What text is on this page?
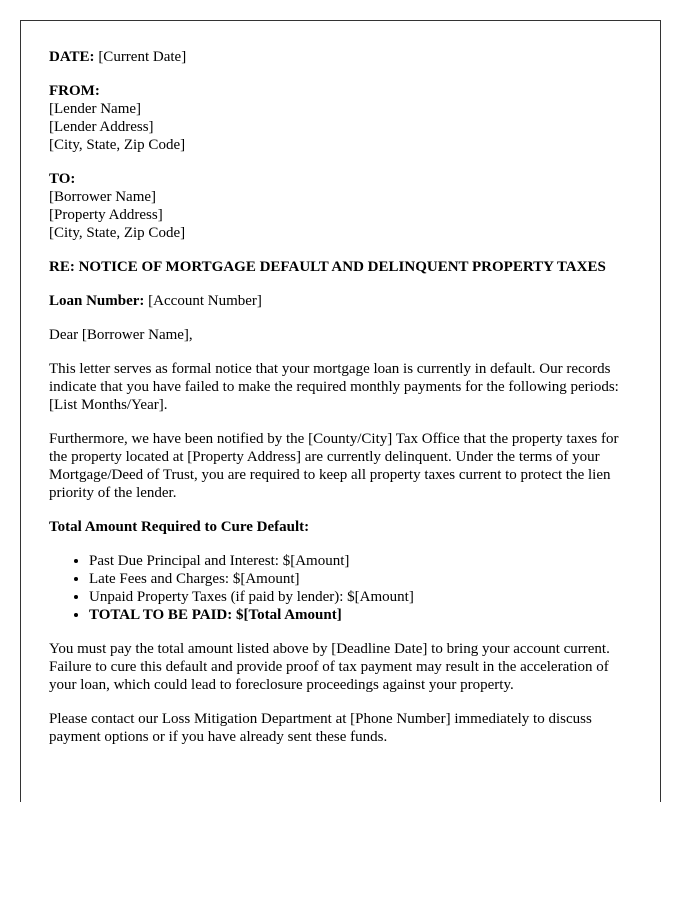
DATE: [Current Date]

FROM:
[Lender Name]
[Lender Address]
[City, State, Zip Code]

TO:
[Borrower Name]
[Property Address]
[City, State, Zip Code]

RE: NOTICE OF MORTGAGE DEFAULT AND DELINQUENT PROPERTY TAXES

Loan Number: [Account Number]

Dear [Borrower Name],

This letter serves as formal notice that your mortgage loan is currently in default. Our records indicate that you have failed to make the required monthly payments for the following periods: [List Months/Year].

Furthermore, we have been notified by the [County/City] Tax Office that the property taxes for the property located at [Property Address] are currently delinquent. Under the terms of your Mortgage/Deed of Trust, you are required to keep all property taxes current to protect the lien priority of the lender.

Total Amount Required to Cure Default:

• Past Due Principal and Interest: $[Amount]
• Late Fees and Charges: $[Amount]
• Unpaid Property Taxes (if paid by lender): $[Amount]
• TOTAL TO BE PAID: $[Total Amount]

You must pay the total amount listed above by [Deadline Date] to bring your account current. Failure to cure this default and provide proof of tax payment may result in the acceleration of your loan, which could lead to foreclosure proceedings against your property.

Please contact our Loss Mitigation Department at [Phone Number] immediately to discuss payment options or if you have already sent these funds.
